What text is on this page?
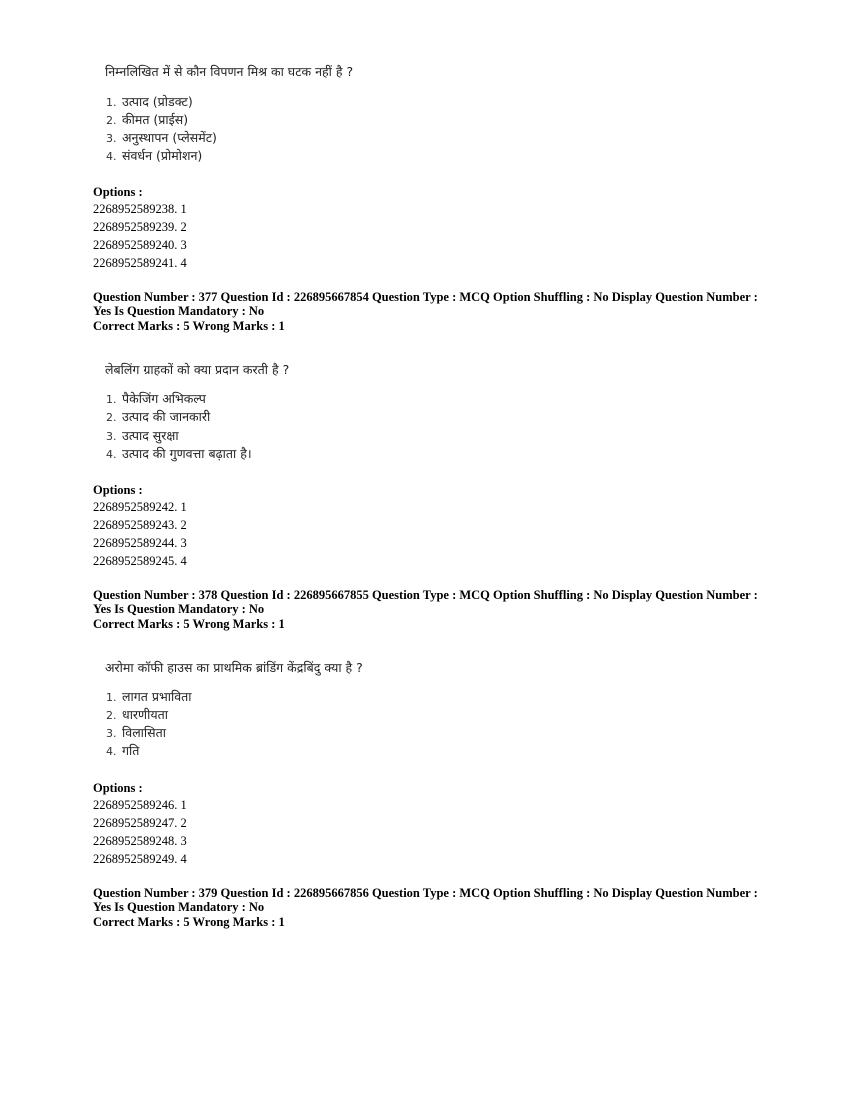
निम्नलिखित में से कौन विपणन मिश्र का घटक नहीं है ?
1. उत्पाद (प्रोडक्ट)
2. कीमत (प्राईस)
3. अनुस्थापन (प्लेसमेंट)
4. संवर्धन (प्रोमोशन)
Options :
2268952589238. 1
2268952589239. 2
2268952589240. 3
2268952589241. 4
Question Number : 377 Question Id : 226895667854 Question Type : MCQ Option Shuffling : No Display Question Number : Yes Is Question Mandatory : No
Correct Marks : 5 Wrong Marks : 1
लेबलिंग ग्राहकों को क्या प्रदान करती है ?
1. पैकेजिंग अभिकल्प
2. उत्पाद की जानकारी
3. उत्पाद सुरक्षा
4. उत्पाद की गुणवत्ता बढ़ाता है।
Options :
2268952589242. 1
2268952589243. 2
2268952589244. 3
2268952589245. 4
Question Number : 378 Question Id : 226895667855 Question Type : MCQ Option Shuffling : No Display Question Number : Yes Is Question Mandatory : No
Correct Marks : 5 Wrong Marks : 1
अरोमा कॉफी हाउस का प्राथमिक ब्रांडिंग केंद्रबिंदु क्या है ?
1. लागत प्रभाविता
2. धारणीयता
3. विलासिता
4. गति
Options :
2268952589246. 1
2268952589247. 2
2268952589248. 3
2268952589249. 4
Question Number : 379 Question Id : 226895667856 Question Type : MCQ Option Shuffling : No Display Question Number : Yes Is Question Mandatory : No
Correct Marks : 5 Wrong Marks : 1
